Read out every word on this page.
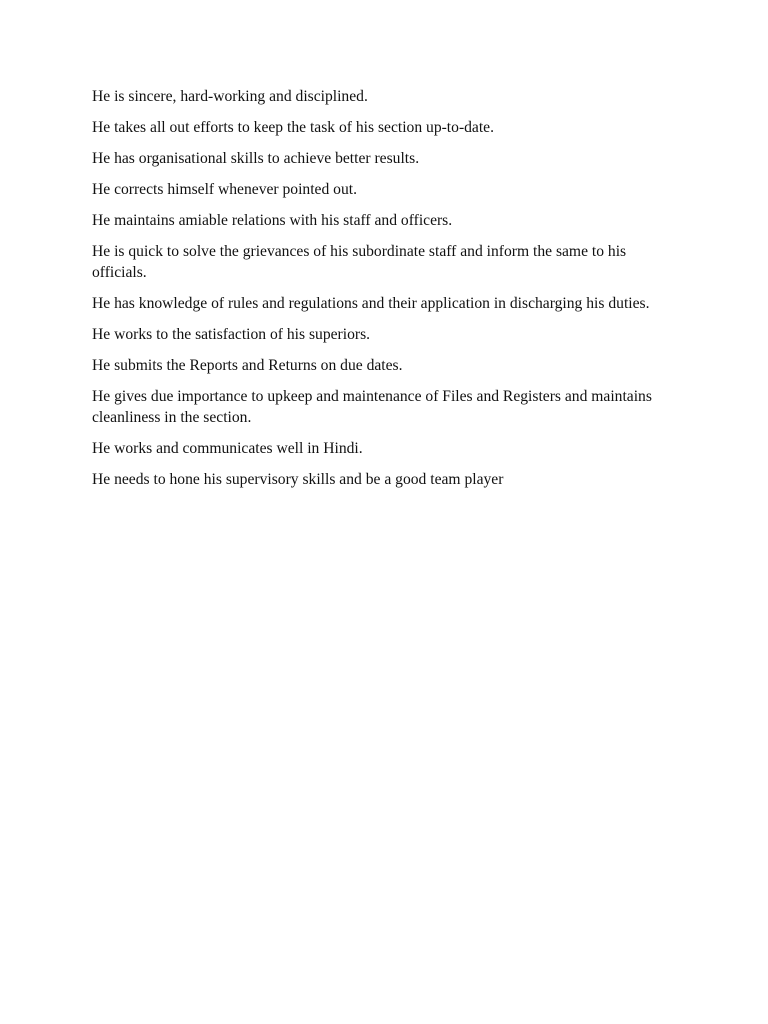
He is sincere, hard-working and disciplined.

He takes all out efforts to keep the task of his section up-to-date.

He has organisational skills to achieve better results.

He corrects himself whenever pointed out.

He maintains amiable relations with his staff and officers.

He is quick to solve the grievances of his subordinate staff and inform the same to his officials.

He has knowledge of rules and regulations and their application in discharging his duties.

He works to the satisfaction of his superiors.

He submits the Reports and Returns on due dates.

He gives due importance to upkeep and maintenance of Files and Registers and maintains cleanliness in the section.

He works and communicates well in Hindi.

He needs to hone his supervisory skills and be a good team player
